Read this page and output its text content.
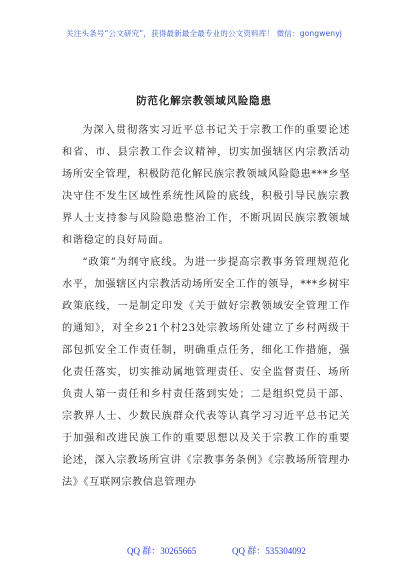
关注头条号“公文研究”，获得最新最全最专业的公文资料库！ 微信：gongwenyj
防范化解宗教领域风险隐患

为深入贯彻落实习近平总书记关于宗教工作的重要论述和省、市、县宗教工作会议精神，切实加强辖区内宗教活动场所安全管理，积极防范化解民族宗教领域风险隐患***乡坚决守住不发生区域性系统性风险的底线，积极引导民族宗教界人士支持参与风险隐患整治工作，不断巩固民族宗教领域和谐稳定的良好局面。

“政策”为纲守底线。为进一步提高宗教事务管理规范化水平，加强辖区内宗教活动场所安全工作的领导，***乡树牢政策底线，一是制定印发《关于做好宗教领域安全管理工作的通知》，对全乡21个村23处宗教场所处建立了乡村两级干部包抓安全工作责任制，明确重点任务，细化工作措施，强化责任落实，切实推动属地管理责任、安全监督责任、场所负责人第一责任和乡村责任落到实处；二是组织党员干部、宗教界人士、少数民族群众代表等认真学习习近平总书记关于加强和改进民族工作的重要思想以及关于宗教工作的重要论述，深入宗教场所宣讲《宗教事务条例》《宗教场所管理办法》《互联网宗教信息管理办

QQ 群：30265665	QQ 群：535304092
